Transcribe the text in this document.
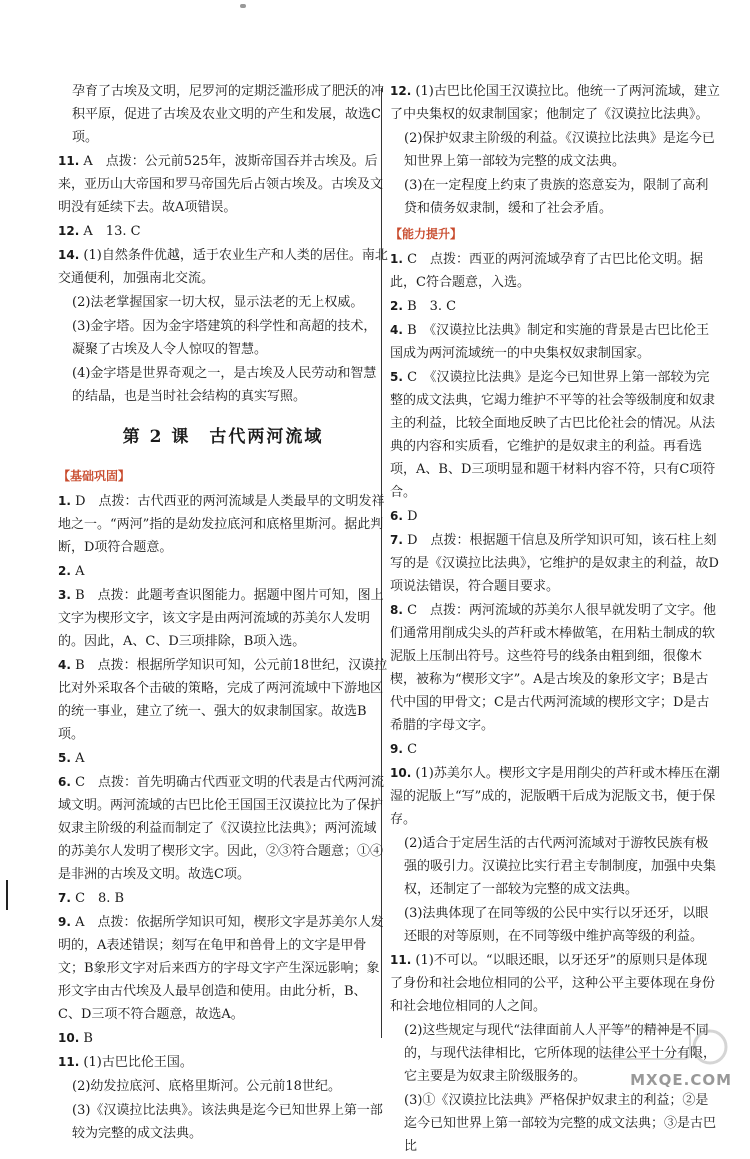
孕育了古埃及文明，尼罗河的定期泛滥形成了肥沃的冲积平原，促进了古埃及农业文明的产生和发展，故选C项。

11. A　点拨：公元前525年，波斯帝国吞并古埃及。后来，亚历山大帝国和罗马帝国先后占领古埃及。古埃及文明没有延续下去。故A项错误。

12. A　13. C

14. (1)自然条件优越，适于农业生产和人类的居住。南北交通便利，加强南北交流。

(2)法老掌握国家一切大权，显示法老的无上权威。

(3)金字塔。因为金字塔建筑的科学性和高超的技术，凝聚了古埃及人令人惊叹的智慧。

(4)金字塔是世界奇观之一，是古埃及人民劳动和智慧的结晶，也是当时社会结构的真实写照。

第 2 课　古代两河流域
【基础巩固】

1. D　点拨：古代西亚的两河流域是人类最早的文明发祥地之一。“两河”指的是幼发拉底河和底格里斯河。据此判断，D项符合题意。

2. A

3. B　点拨：此题考查识图能力。据题中图片可知，图上文字为楔形文字，该文字是由两河流域的苏美尔人发明的。因此，A、C、D三项排除，B项入选。

4. B　点拨：根据所学知识可知，公元前18世纪，汉谟拉比对外采取各个击破的策略，完成了两河流域中下游地区的统一事业，建立了统一、强大的奴隶制国家。故选B项。

5. A

6. C　点拨：首先明确古代西亚文明的代表是古代两河流域文明。两河流域的古巴比伦王国国王汉谟拉比为了保护奴隶主阶级的利益而制定了《汉谟拉比法典》；两河流域的苏美尔人发明了楔形文字。因此，②③符合题意；①④是非洲的古埃及文明。故选C项。

7. C　8. B

9. A　点拨：依据所学知识可知，楔形文字是苏美尔人发明的，A表述错误；刻写在龟甲和兽骨上的文字是甲骨文；B象形文字对后来西方的字母文字产生深远影响；象形文字由古代埃及人最早创造和使用。由此分析，B、C、D三项不符合题意，故选A。

10. B

11. (1)古巴比伦王国。

(2)幼发拉底河、底格里斯河。公元前18世纪。

(3)《汉谟拉比法典》。该法典是迄今已知世界上第一部较为完整的成文法典。

12. (1)古巴比伦国王汉谟拉比。他统一了两河流域，建立了中央集权的奴隶制国家；他制定了《汉谟拉比法典》。

(2)保护奴隶主阶级的利益。《汉谟拉比法典》是迄今已知世界上第一部较为完整的成文法典。

(3)在一定程度上约束了贵族的恣意妄为，限制了高利贷和债务奴隶制，缓和了社会矛盾。

【能力提升】

1. C　点拨：西亚的两河流域孕育了古巴比伦文明。据此，C符合题意，入选。

2. B　3. C

4. B　《汉谟拉比法典》制定和实施的背景是古巴比伦王国成为两河流域统一的中央集权奴隶制国家。

5. C　《汉谟拉比法典》是迄今已知世界上第一部较为完整的成文法典，它竭力维护不平等的社会等级制度和奴隶主的利益，比较全面地反映了古巴比伦社会的情况。从法典的内容和实质看，它维护的是奴隶主的利益。再看选项，A、B、D三项明显和题干材料内容不符，只有C项符合。

6. D

7. D　点拨：根据题干信息及所学知识可知，该石柱上刻写的是《汉谟拉比法典》，它维护的是奴隶主的利益，故D项说法错误，符合题目要求。

8. C　点拨：两河流域的苏美尔人很早就发明了文字。他们通常用削成尖头的芦秆或木棒做笔，在用粘土制成的软泥版上压制出符号。这些符号的线条由粗到细，很像木楔，被称为“楔形文字”。A是古埃及的象形文字；B是古代中国的甲骨文；C是古代两河流域的楔形文字；D是古希腊的字母文字。

9. C

10. (1)苏美尔人。楔形文字是用削尖的芦秆或木棒压在潮湿的泥版上“写”成的，泥版晒干后成为泥版文书，便于保存。

(2)适合于定居生活的古代两河流域对于游牧民族有极强的吸引力。汉谟拉比实行君主专制制度，加强中央集权，还制定了一部较为完整的成文法典。

(3)法典体现了在同等级的公民中实行以牙还牙，以眼还眼的对等原则，在不同等级中维护高等级的利益。

11. (1)不可以。“以眼还眼，以牙还牙”的原则只是体现了身份和社会地位相同的公平，这种公平主要体现在身份和社会地位相同的人之间。

(2)这些规定与现代“法律面前人人平等”的精神是不同的，与现代法律相比，它所体现的法律公平十分有限，它主要是为奴隶主阶级服务的。

(3)①《汉谟拉比法典》严格保护奴隶主的利益；②是迄今已知世界上第一部较为完整的成文法典；③是古巴比

MXQE.COM
